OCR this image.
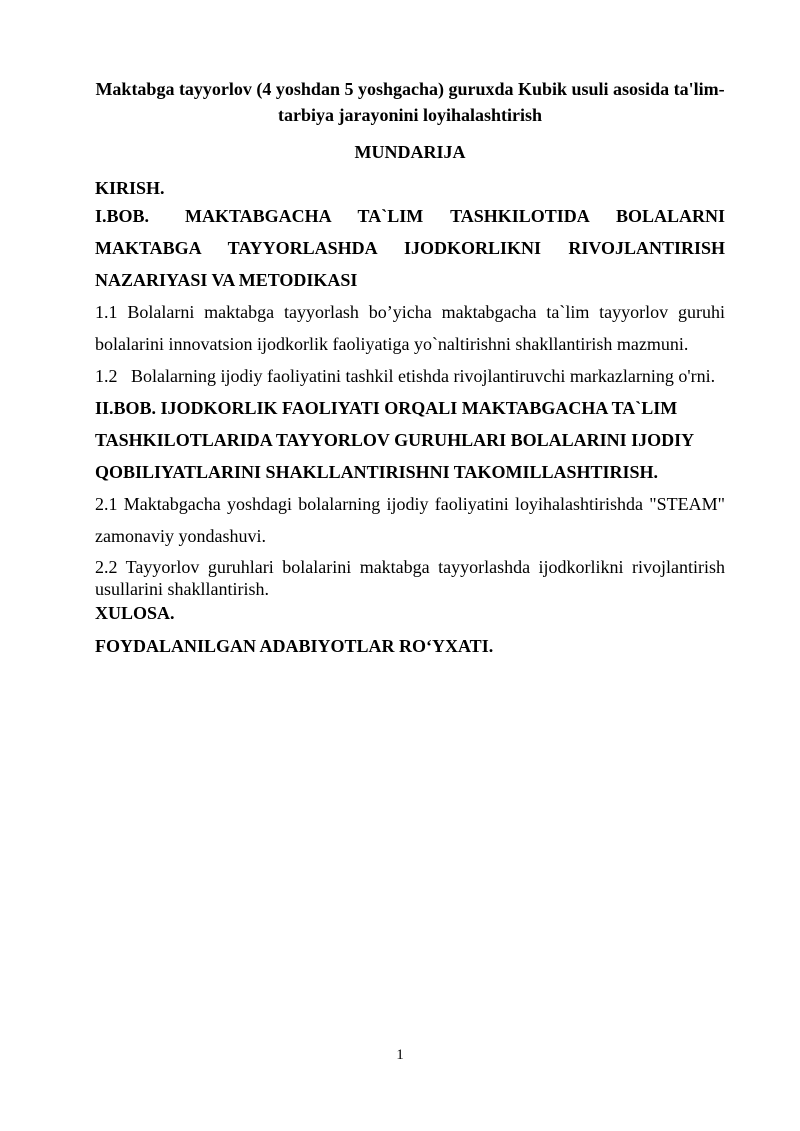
Maktabga tayyorlov (4 yoshdan 5 yoshgacha) guruxda Kubik usuli asosida ta'lim-tarbiya jarayonini loyihalashtirish
MUNDARIJA

KIRISH.

I.BOB. MAKTABGACHA TA`LIM TASHKILOTIDA BOLALARNI MAKTABGA TAYYORLASHDA IJODKORLIKNI RIVOJLANTIRISH NAZARIYASI VA METODIKASI

1.1 Bolalarni maktabga tayyorlash bo’yicha maktabgacha ta`lim tayyorlov guruhi bolalarini innovatsion ijodkorlik faoliyatiga yo`naltirishni shakllantirish mazmuni.

1.2   Bolalarning ijodiy faoliyatini tashkil etishda rivojlantiruvchi markazlarning o'rni.

II.BOB. IJODKORLIK FAOLIYATI ORQALI MAKTABGACHA TA`LIM TASHKILOTLARIDA TAYYORLOV GURUHLARI BOLALARINI IJODIY QOBILIYATLARINI SHAKLLANTIRISHNI TAKOMILLASHTIRISH.

2.1 Maktabgacha yoshdagi bolalarning ijodiy faoliyatini loyihalashtirishda "STEAM" zamonaviy yondashuvi.

2.2 Tayyorlov guruhlari bolalarini maktabga tayyorlashda ijodkorlikni rivojlantirish usullarini shakllantirish.

XULOSA.

FOYDALANILGAN ADABIYOTLAR RO‘YXATI.

1
